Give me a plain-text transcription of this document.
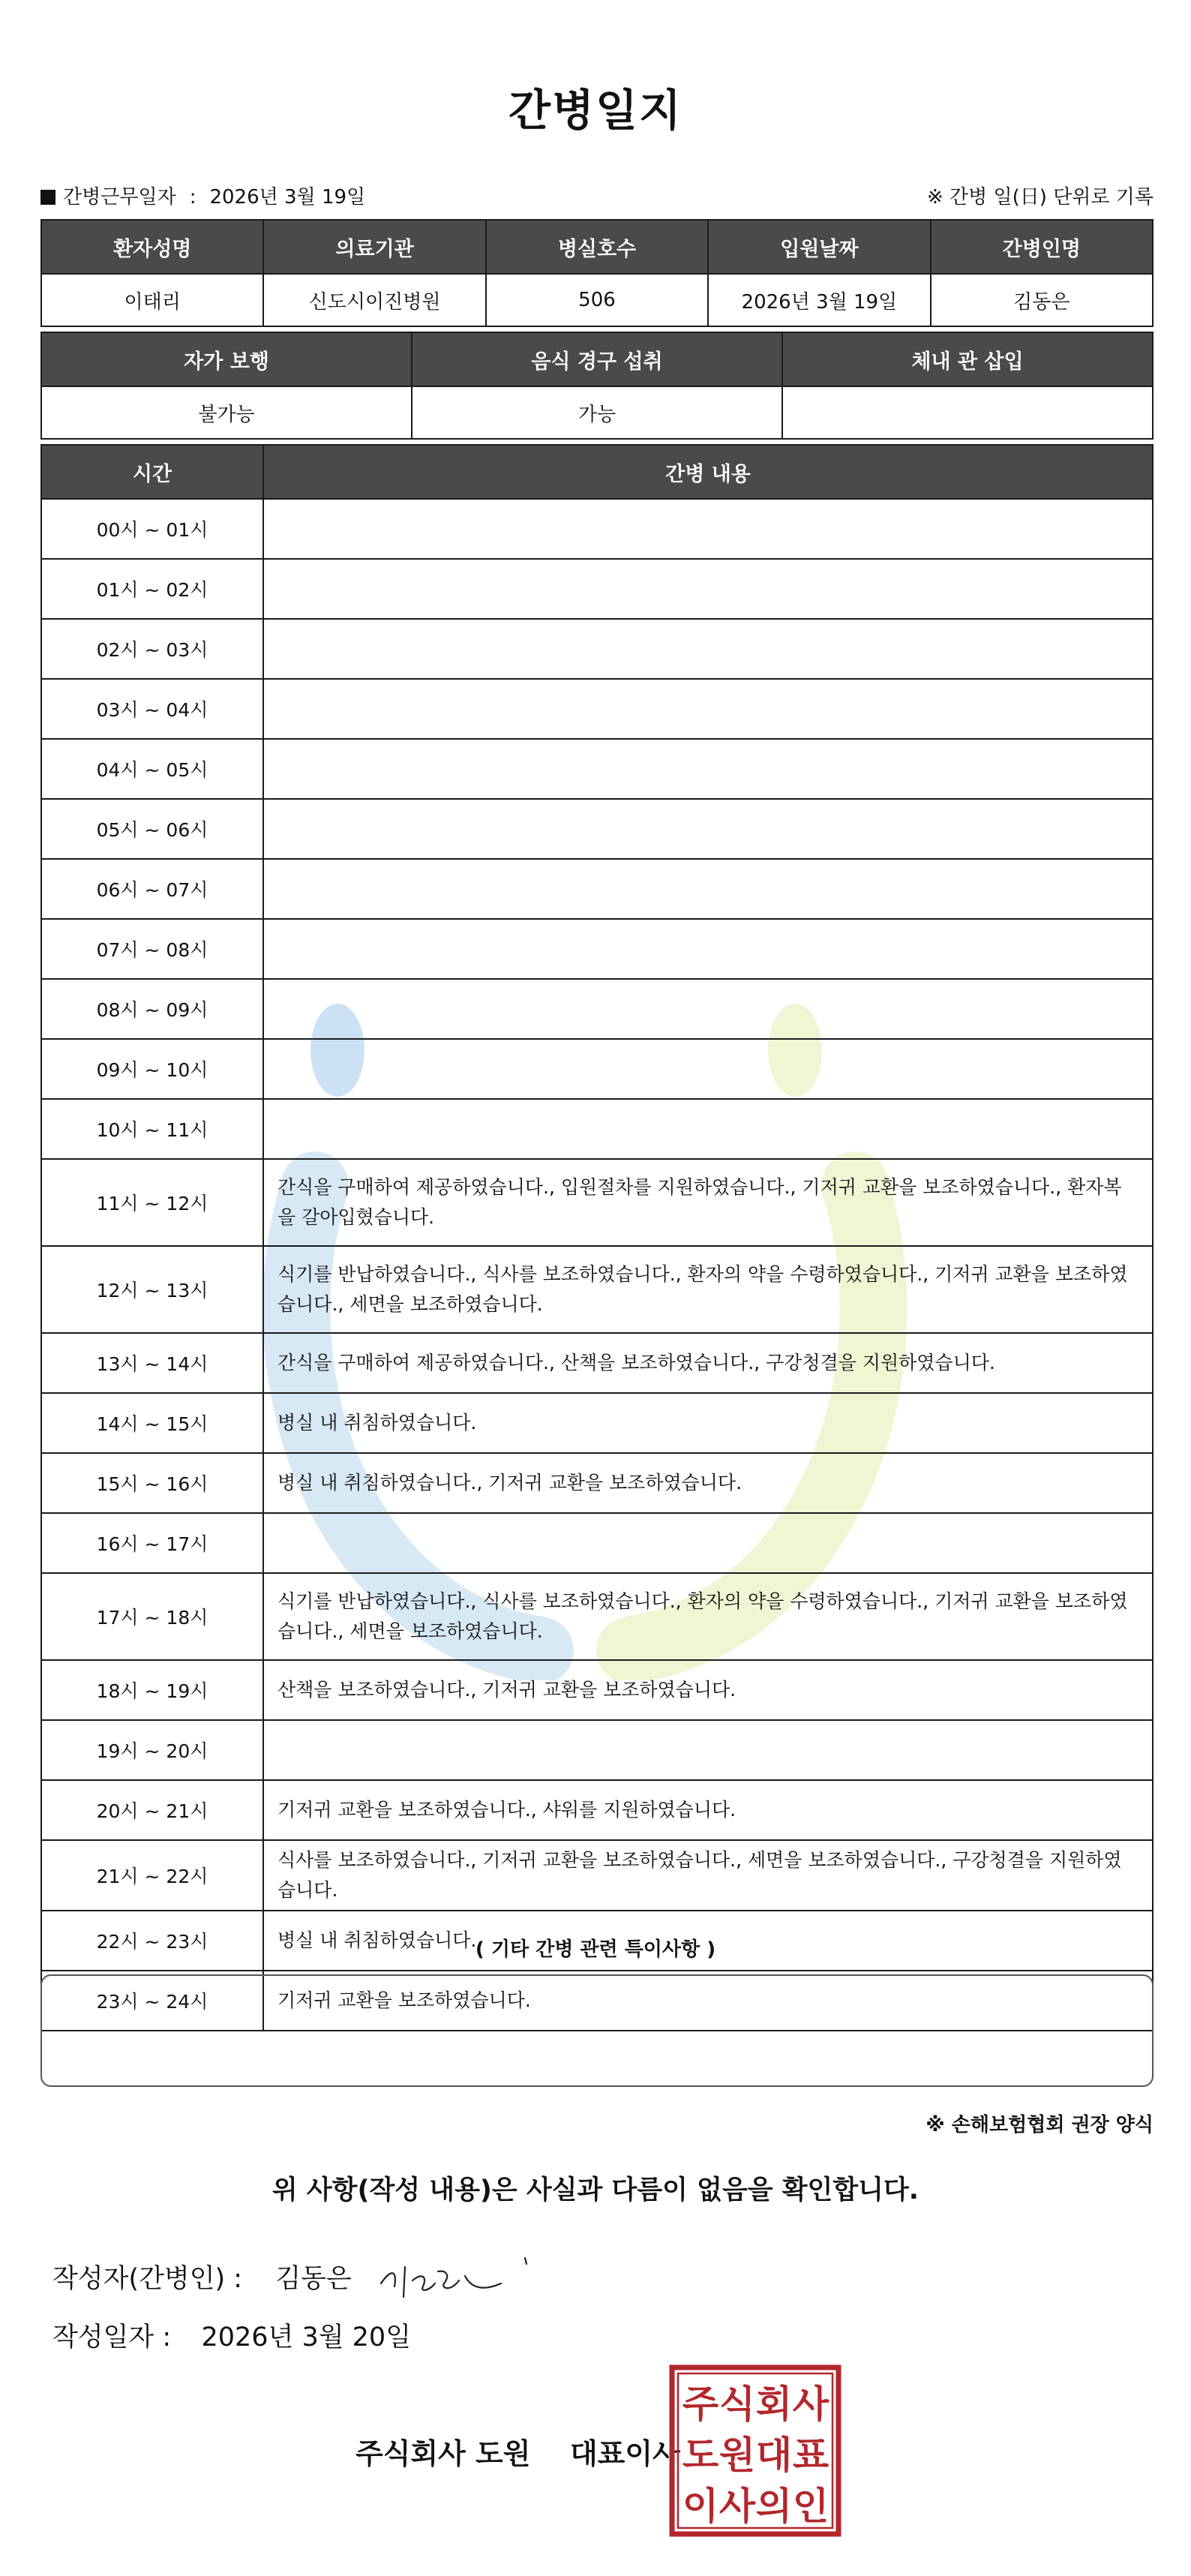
간병일지
간병근무일자 : 2026년 3월 19일	※ 간병 일(日) 단위로 기록
환자성명	의료기관	병실호수	입원날짜	간병인명
이태리	신도시이진병원	506	2026년 3월 19일	김동은
자가 보행	음식 경구 섭취	체내 관 삽입
불가능	가능	
시간	간병 내용
00시 ~ 01시	
01시 ~ 02시	
02시 ~ 03시	
03시 ~ 04시	
04시 ~ 05시	
05시 ~ 06시	
06시 ~ 07시	
07시 ~ 08시	
08시 ~ 09시	
09시 ~ 10시	
10시 ~ 11시	
11시 ~ 12시	간식을 구매하여 제공하였습니다., 입원절차를 지원하였습니다., 기저귀 교환을 보조하였습니다., 환자복을 갈아입혔습니다.
12시 ~ 13시	식기를 반납하였습니다., 식사를 보조하였습니다., 환자의 약을 수령하였습니다., 기저귀 교환을 보조하였습니다., 세면을 보조하였습니다.
13시 ~ 14시	간식을 구매하여 제공하였습니다., 산책을 보조하였습니다., 구강청결을 지원하였습니다.
14시 ~ 15시	병실 내 취침하였습니다.
15시 ~ 16시	병실 내 취침하였습니다., 기저귀 교환을 보조하였습니다.
16시 ~ 17시	
17시 ~ 18시	식기를 반납하였습니다., 식사를 보조하였습니다., 환자의 약을 수령하였습니다., 기저귀 교환을 보조하였습니다., 세면을 보조하였습니다.
18시 ~ 19시	산책을 보조하였습니다., 기저귀 교환을 보조하였습니다.
19시 ~ 20시	
20시 ~ 21시	기저귀 교환을 보조하였습니다., 샤워를 지원하였습니다.
21시 ~ 22시	식사를 보조하였습니다., 기저귀 교환을 보조하였습니다., 세면을 보조하였습니다., 구강청결을 지원하였습니다.
22시 ~ 23시	병실 내 취침하였습니다.
23시 ~ 24시	기저귀 교환을 보조하였습니다.
( 기타 간병 관련 특이사항 )
※ 손해보험협회 권장 양식
위 사항(작성 내용)은 사실과 다름이 없음을 확인합니다.
작성자(간병인) : 김동은
작성일자 : 2026년 3월 20일
주식회사 도원 대표이사
주 식 회 사
도 원 대 표
이 사 의 인
